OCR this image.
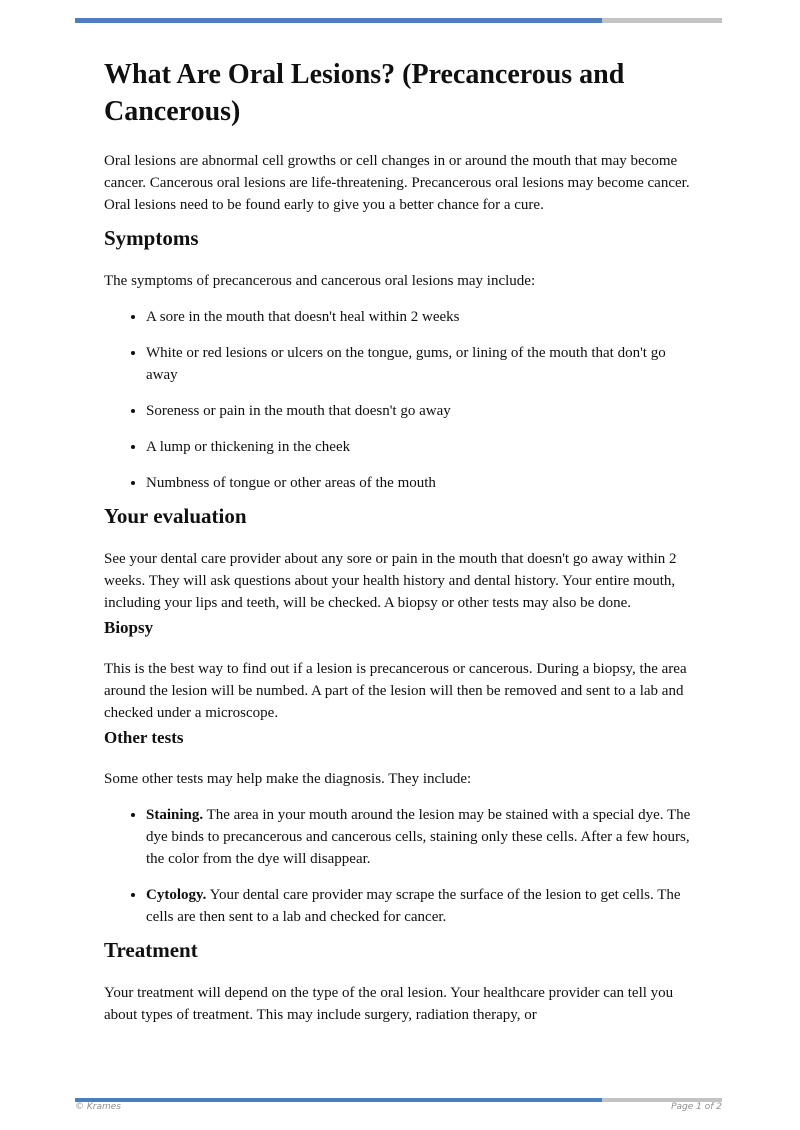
What Are Oral Lesions? (Precancerous and Cancerous)

Oral lesions are abnormal cell growths or cell changes in or around the mouth that may become cancer. Cancerous oral lesions are life-threatening. Precancerous oral lesions may become cancer. Oral lesions need to be found early to give you a better chance for a cure.

Symptoms

The symptoms of precancerous and cancerous oral lesions may include:

• A sore in the mouth that doesn't heal within 2 weeks
• White or red lesions or ulcers on the tongue, gums, or lining of the mouth that don't go away
• Soreness or pain in the mouth that doesn't go away
• A lump or thickening in the cheek
• Numbness of tongue or other areas of the mouth
Your evaluation

See your dental care provider about any sore or pain in the mouth that doesn't go away within 2 weeks. They will ask questions about your health history and dental history. Your entire mouth, including your lips and teeth, will be checked. A biopsy or other tests may also be done.

Biopsy

This is the best way to find out if a lesion is precancerous or cancerous. During a biopsy, the area around the lesion will be numbed. A part of the lesion will then be removed and sent to a lab and checked under a microscope.

Other tests

Some other tests may help make the diagnosis. They include:

• Staining. The area in your mouth around the lesion may be stained with a special dye. The dye binds to precancerous and cancerous cells, staining only these cells. After a few hours, the color from the dye will disappear.
• Cytology. Your dental care provider may scrape the surface of the lesion to get cells. The cells are then sent to a lab and checked for cancer.
Treatment

Your treatment will depend on the type of the oral lesion. Your healthcare provider can tell you about types of treatment. This may include surgery, radiation therapy, or

© Krames	Page 1 of 2
